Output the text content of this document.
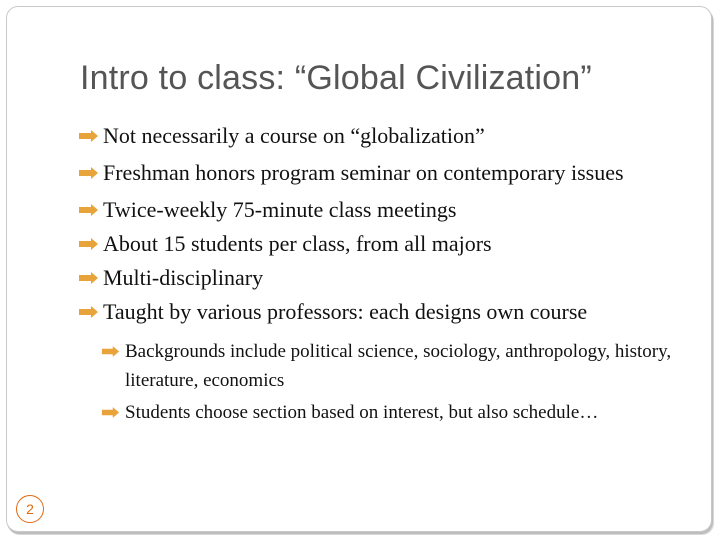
Intro to class: “Global Civilization”
Not necessarily a course on “globalization”
Freshman honors program seminar on contemporary issues
Twice-weekly 75-minute class meetings
About 15 students per class, from all majors
Multi-disciplinary
Taught by various professors: each designs own course
Backgrounds include political science, sociology, anthropology, history, literature, economics
Students choose section based on interest, but also schedule…
2
